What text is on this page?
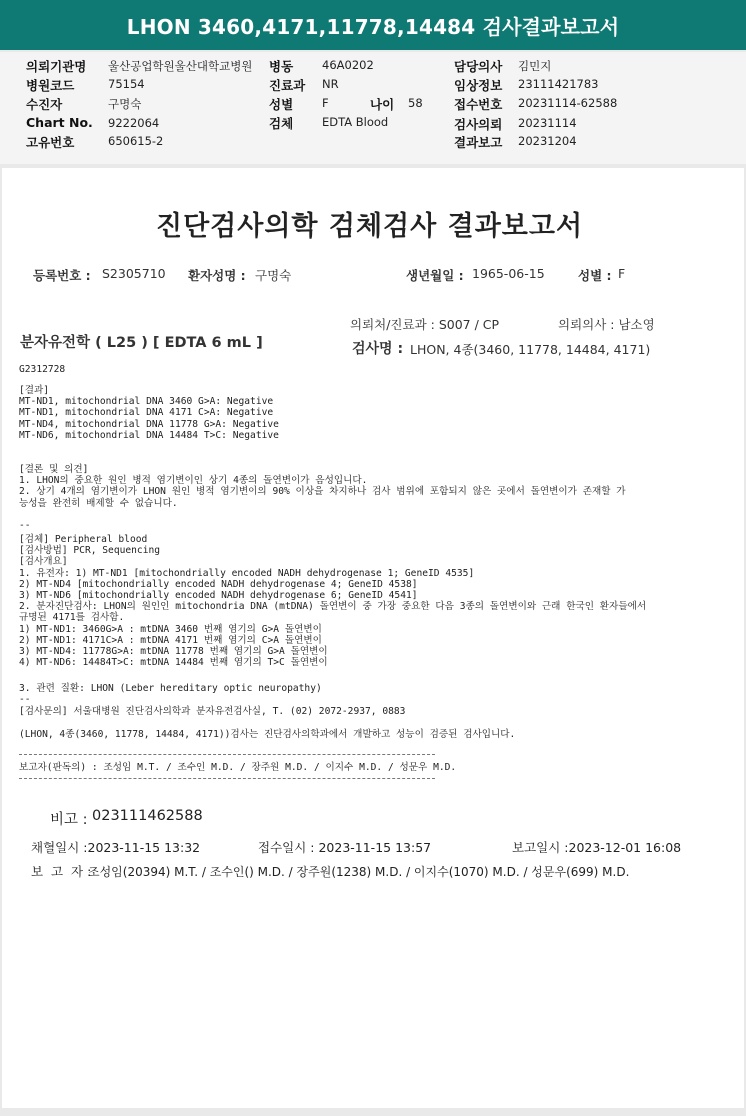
LHON 3460,4171,11778,14484 검사결과보고서
의뢰기관명 울산공업학원울산대학교병원
병원코드	75154
수진자	구명숙
Chart No. 9222064
고유번호	650615-2
병동	46A0202
진료과 NR
성별	F	나이 58
검체	EDTA Blood
담당의사 김민지
임상정보 23111421783
접수번호 20231114-62588
검사의뢰 20231114
결과보고 20231204
진단검사의학 검체검사 결과보고서
등록번호 : S2305710 환자성명 : 구명숙	생년월일 : 1965-06-15	성별 : F
의뢰처/진료과 : S007 / CP	의뢰의사 : 남소영
분자유전학 ( L25 ) [ EDTA 6 mL ]	검사명 : LHON, 4종(3460, 11778, 14484, 4171)
G2312728
[결과]
MT-ND1, mitochondrial DNA 3460 G>A: Negative
MT-ND1, mitochondrial DNA 4171 C>A: Negative
MT-ND4, mitochondrial DNA 11778 G>A: Negative
MT-ND6, mitochondrial DNA 14484 T>C: Negative
[결론 및 의견]
1. LHON의 중요한 원인 병적 염기변이인 상기 4종의 돌연변이가 음성입니다.
2. 상기 4개의 염기변이가 LHON 원인 병적 염기변이의 90% 이상을 차지하나 검사 범위에 포함되지 않은 곳에서 돌연변이가 존재할 가
능성을 완전히 배제할 수 없습니다.
--
[검체] Peripheral blood
[검사방법] PCR, Sequencing
[검사개요]
1. 유전자: 1) MT-ND1 [mitochondrially encoded NADH dehydrogenase 1; GeneID 4535]
2) MT-ND4 [mitochondrially encoded NADH dehydrogenase 4; GeneID 4538]
3) MT-ND6 [mitochondrially encoded NADH dehydrogenase 6; GeneID 4541]
2. 분자진단검사: LHON의 원인인 mitochondria DNA (mtDNA) 돌연변이 중 가장 중요한 다음 3종의 돌연변이와 근래 한국인 환자들에서
규명된 4171를 검사함.
1) MT-ND1: 3460G>A : mtDNA 3460 번째 염기의 G>A 돌연변이
2) MT-ND1: 4171C>A : mtDNA 4171 번째 염기의 C>A 돌연변이
3) MT-ND4: 11778G>A: mtDNA 11778 번째 염기의 G>A 돌연변이
4) MT-ND6: 14484T>C: mtDNA 14484 번째 염기의 T>C 돌연변이
3. 관련 질환: LHON (Leber hereditary optic neuropathy)
--
[검사문의] 서울대병원 진단검사의학과 분자유전검사실, T. (02) 2072-2937, 0883
(LHON, 4종(3460, 11778, 14484, 4171))검사는 진단검사의학과에서 개발하고 성능이 검증된 검사입니다.
보고자(판독의) : 조성임 M.T. / 조수인 M.D. / 장주원 M.D. / 이지수 M.D. / 성문우 M.D.
비고 : 023111462588
채혈일시 :2023-11-15 13:32	접수일시 : 2023-11-15 13:57	보고일시 :2023-12-01 16:08
보  고  자 :
조성임(20394) M.T. / 조수인() M.D. / 장주원(1238) M.D. / 이지수(1070) M.D. / 성문우(699) M.D.
